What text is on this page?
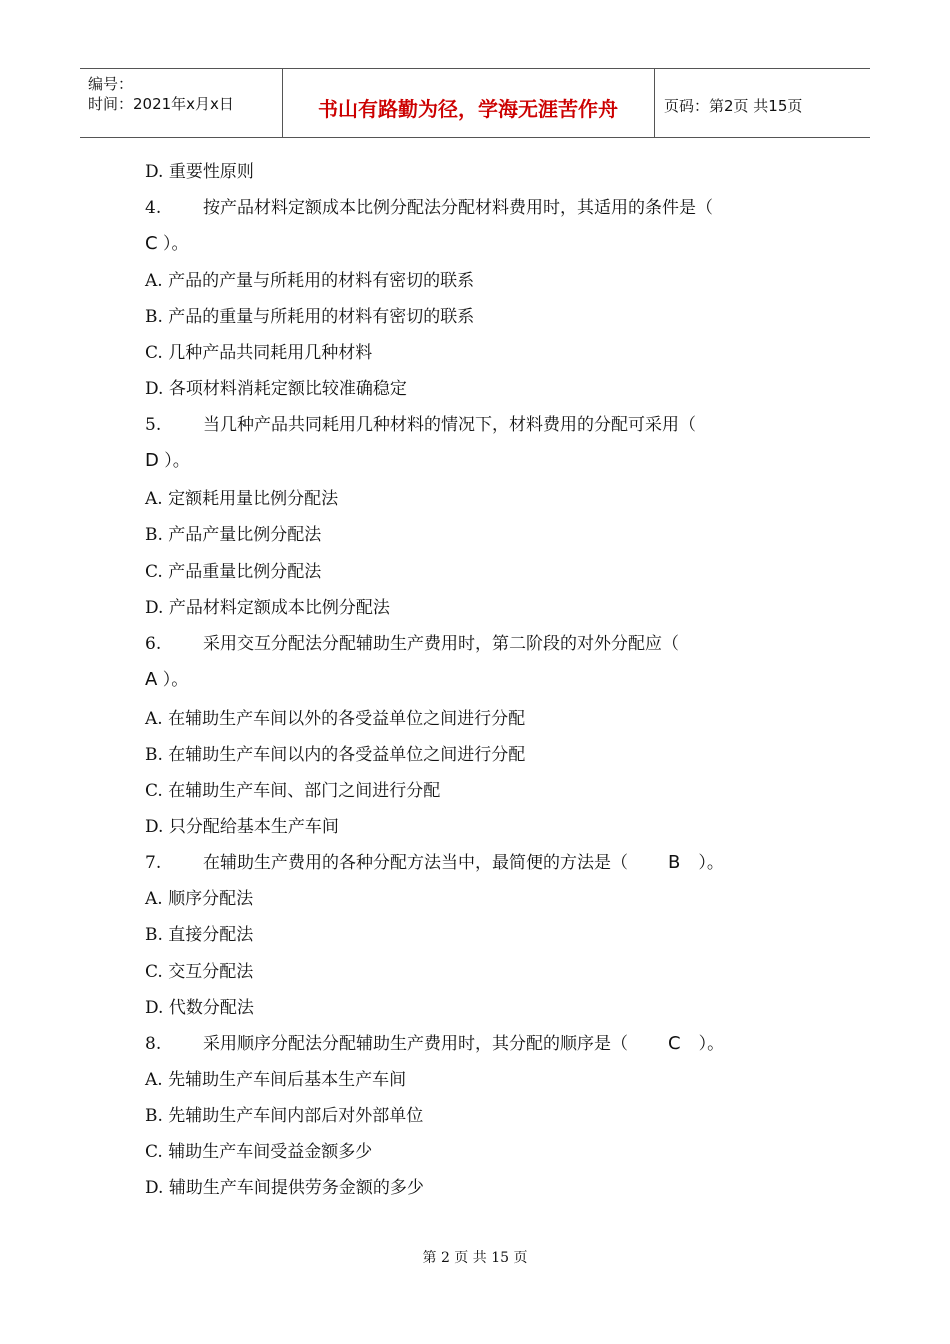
编号：
时间：2021年x月x日	书山有路勤为径，学海无涯苦作舟	页码：第2页 共15页
D. 重要性原则
4. 按产品材料定额成本比例分配法分配材料费用时，其适用的条件是（
C ）。
A. 产品的产量与所耗用的材料有密切的联系
B. 产品的重量与所耗用的材料有密切的联系
C. 几种产品共同耗用几种材料
D. 各项材料消耗定额比较准确稳定
5. 当几种产品共同耗用几种材料的情况下，材料费用的分配可采用（
D ）。
A. 定额耗用量比例分配法
B. 产品产量比例分配法
C. 产品重量比例分配法
D. 产品材料定额成本比例分配法
6. 采用交互分配法分配辅助生产费用时，第二阶段的对外分配应（
A ）。
A. 在辅助生产车间以外的各受益单位之间进行分配
B. 在辅助生产车间以内的各受益单位之间进行分配
C. 在辅助生产车间、部门之间进行分配
D. 只分配给基本生产车间
7. 在辅助生产费用的各种分配方法当中，最简便的方法是（ B ）。
A. 顺序分配法
B. 直接分配法
C. 交互分配法
D. 代数分配法
8. 采用顺序分配法分配辅助生产费用时，其分配的顺序是（ C ）。
A. 先辅助生产车间后基本生产车间
B. 先辅助生产车间内部后对外部单位
C. 辅助生产车间受益金额多少
D. 辅助生产车间提供劳务金额的多少
第 2 页 共 15 页
